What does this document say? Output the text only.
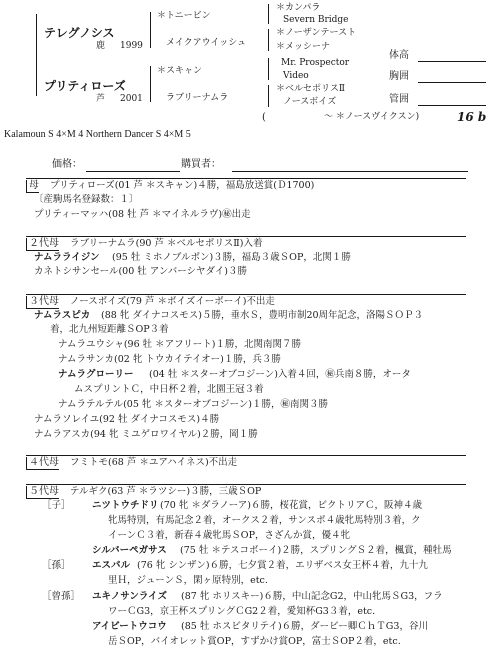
テレグノシス
鹿 1999
プリティローズ
芦 2001
＊トニービン
メイクアウイッシュ
＊スキャン
ラブリーナムラ
＊カンパラ
Severn Bridge
＊ノーザンテースト
＊メッシーナ
Mr. Prospector
Video
＊ベルセポリスⅡ
ノースボイズ
(	～ ＊ノースヴイクスン)	16 b
Kalamoun S 4×M 4 Northern Dancer S 4×M 5
体高
胸囲
管囲
価格：	購買者：
母 プリティローズ(01 芦 ＊スキャン)４勝，福島放送賞(Ｄ1700)
〔産駒馬名登録数：１〕
プリティーマッハ(08 牡 芦 ＊マイネルラヴ)㊙出走
２代母 ラブリーナムラ(90 芦 ＊ベルセポリスⅡ)入着
ナムラライジン (95 牡 ミホノブルボン)３勝，福島３歳ＳOP，北関１勝
カネトシサンセール(00 牡 アンバーシヤダイ)３勝
３代母 ノースボイズ(79 芦 ＊ボイズイーボーイ)不出走
ナムラスピカ (88 牝 ダイナコスモス)５勝，垂水Ｓ，豊明市制20周年記念，洛陽ＳＯＰ３
着，北九州短距離ＳOP３着
ナムラユウシャ(96 牡 ＊アフリート)１勝，北関南関７勝
ナムラサンカ(02 牝 トウカイテイオー)１勝，兵３勝
ナムラグローリー (04 牡 ＊スターオブコジーン)入着４回，㊙兵南８勝，オータ
ムスプリントＣ，中日杯２着，北園王冠３着
ナムラテルテル(05 牝 ＊スターオブコジーン)１勝，㊙南関３勝
ナムラソレイユ(92 牡 ダイナコスモス)４勝
ナムラアスカ(94 牝 ミユゲロワイヤル)２勝，岡１勝
４代母 フミトモ(68 芦 ＊ユアハイネス)不出走
５代母 テルギク(63 芦 ＊ラツシー)３勝，三歳ＳOP
［子］ ニツトウチドリ (70 牝 ＊ダラノーア)６勝，桜花賞，ビクトリアＣ，阪神４歳
牝馬特別，有馬記念２着，オークス２着，サンスポ４歳牝馬特別３着，ク
イーンＣ３着，新春４歳牝馬ＳOP，さざんか賞，優４牝
シルバーペガサス (75 牡 ＊テスコボーイ)２勝，スプリングＳ２着，楓賞，種牡馬
［孫］ エスパル (76 牝 シンザン)６勝，七夕賞２着，エリザベス女王杯４着，九十九
里Ｈ，ジューンＳ，閑ヶ原特別，etc.
［曾孫］ ユキノサンライズ (87 牝 ホリスキー)６勝，中山記念G2，中山牝馬ＳG3，フラ
ワーＣG3，京王杯スプリングＣG2２着，愛知杯G3３着，etc.
アイビートウコウ (85 牡 ホスビタリテイ)６勝，ダービー卿ＣｈＴG3，谷川
岳ＳOP，バイオレット賞OP，すずかけ賞OP，富士ＳOP２着，etc.
